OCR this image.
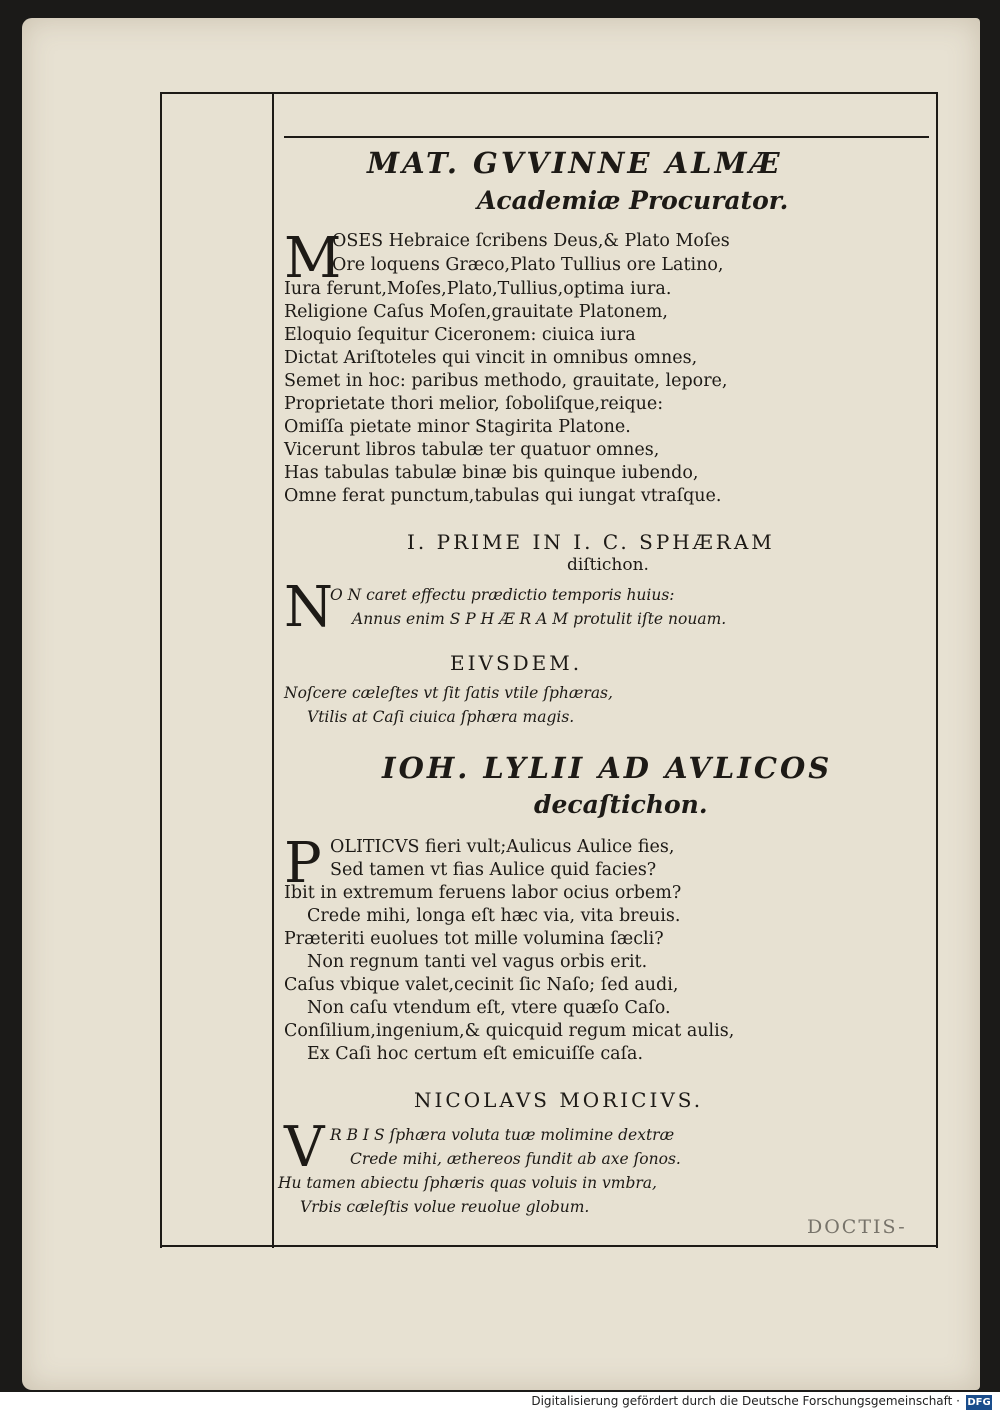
MAT. GVVINNE ALMÆ
Academiæ Procurator.
M
OSES Hebraice ſcribens Deus,& Plato Moſes
Ore loquens Græco,Plato Tullius ore Latino,
Iura ferunt,Moſes,Plato,Tullius,optima iura.
Religione Caſus Moſen,grauitate Platonem,
Eloquio ſequitur Ciceronem: ciuica iura
Dictat Ariſtoteles qui vincit in omnibus omnes,
Semet in hoc: paribus methodo, grauitate, lepore,
Proprietate thori melior, ſoboliſque,reique:
Omiſſa pietate minor Stagirita Platone.
Vicerunt libros tabulæ ter quatuor omnes,
Has tabulas tabulæ binæ bis quinque iubendo,
Omne ferat punctum,tabulas qui iungat vtraſque.
I. PRIME IN I. C. SPHÆRAM
diſtichon.
N
O N caret effectu prædictio temporis huius:
Annus enim S P H Æ R A M protulit iſte nouam.
EIVSDEM.
Noſcere cæleſtes vt ſit ſatis vtile ſphæras,
Vtilis at Caſi ciuica ſphæra magis.
IOH. LYLII AD AVLICOS
decaſtichon.
P OLITICVS fieri vult;Aulicus Aulice fies,
Sed tamen vt fias Aulice quid facies?
Ibit in extremum feruens labor ocius orbem?
Crede mihi, longa eſt hæc via, vita breuis.
Præteriti euolues tot mille volumina ſæcli?
Non regnum tanti vel vagus orbis erit.
Caſus vbique valet,cecinit ſic Naſo; ſed audi,
Non caſu vtendum eſt, vtere quæſo Caſo.
Conſilium,ingenium,& quicquid regum micat aulis,
Ex Caſi hoc certum eſt emicuiſſe caſa.
NICOLAVS MORICIVS.
V R B I S ſphæra voluta tuæ molimine dextræ
Crede mihi, æthereos fundit ab axe ſonos.
Hu tamen abiectu ſphæris quas voluis in vmbra,
Vrbis cæleſtis volue reuolue globum.
DOCTIS-
Digitalisierung gefördert durch die Deutsche Forschungsgemeinschaft · DFG
